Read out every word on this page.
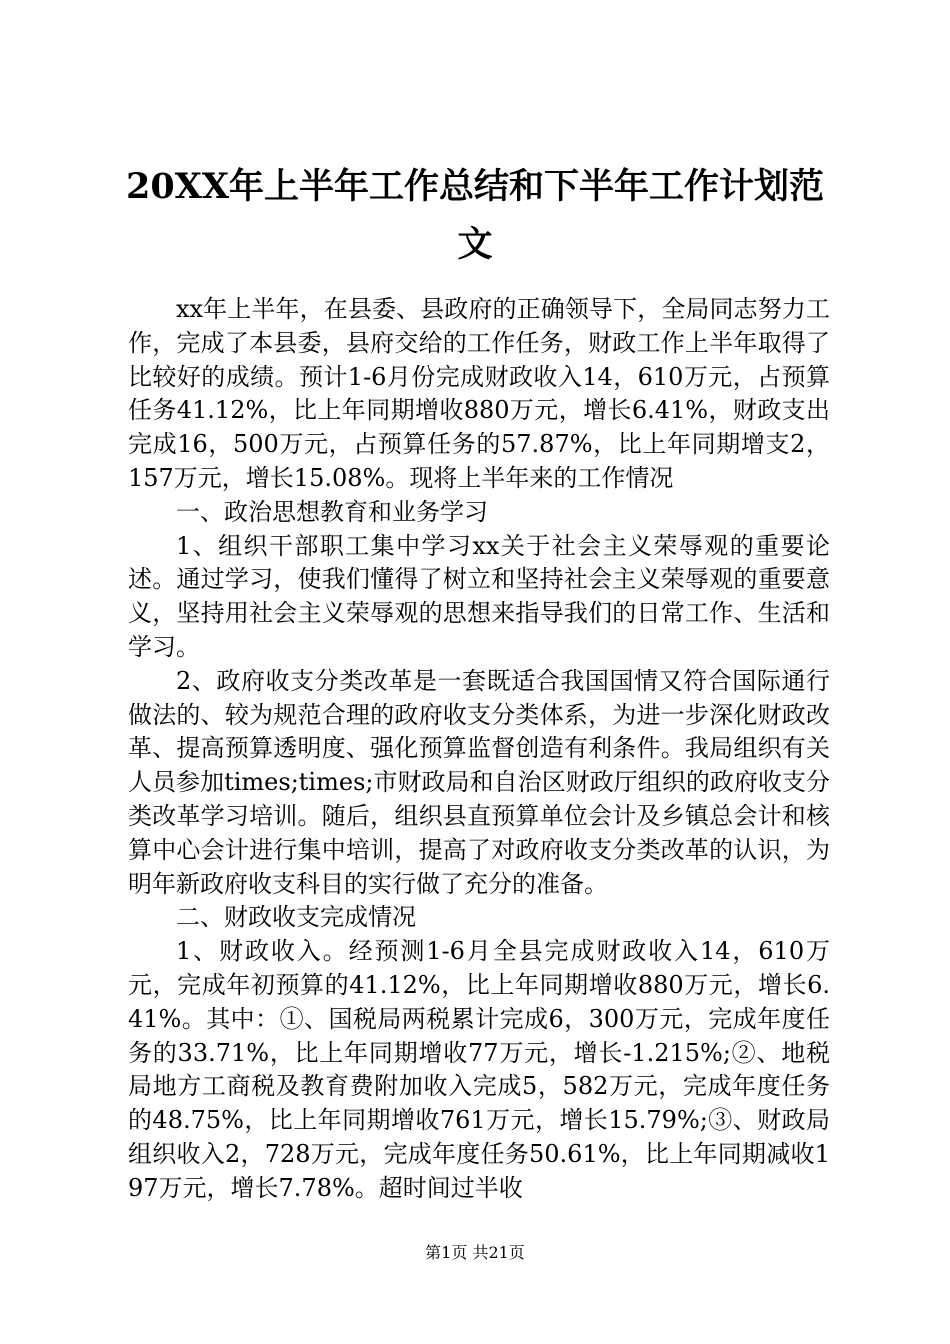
20XX年上半年工作总结和下半年工作计划范文

xx年上半年，在县委、县政府的正确领导下，全局同志努力工作，完成了本县委，县府交给的工作任务，财政工作上半年取得了比较好的成绩。预计1-6月份完成财政收入14，610万元，占预算任务41.12%，比上年同期增收880万元，增长6.41%，财政支出完成16，500万元，占预算任务的57.87%，比上年同期增支2，157万元，增长15.08%。现将上半年来的工作情况

一、政治思想教育和业务学习

1、组织干部职工集中学习xx关于社会主义荣辱观的重要论述。通过学习，使我们懂得了树立和坚持社会主义荣辱观的重要意义，坚持用社会主义荣辱观的思想来指导我们的日常工作、生活和学习。

2、政府收支分类改革是一套既适合我国国情又符合国际通行做法的、较为规范合理的政府收支分类体系，为进一步深化财政改革、提高预算透明度、强化预算监督创造有利条件。我局组织有关人员参加times;times;市财政局和自治区财政厅组织的政府收支分类改革学习培训。随后，组织县直预算单位会计及乡镇总会计和核算中心会计进行集中培训，提高了对政府收支分类改革的认识，为明年新政府收支科目的实行做了充分的准备。

二、财政收支完成情况

1、财政收入。经预测1-6月全县完成财政收入14，610万元，完成年初预算的41.12%，比上年同期增收880万元，增长6.41%。其中：①、国税局两税累计完成6，300万元，完成年度任务的33.71%，比上年同期增收77万元，增长-1.215%;②、地税局地方工商税及教育费附加收入完成5，582万元，完成年度任务的48.75%，比上年同期增收761万元，增长15.79%;③、财政局组织收入2，728万元，完成年度任务50.61%，比上年同期减收197万元，增长7.78%。超时间过半收

第1页 共21页
